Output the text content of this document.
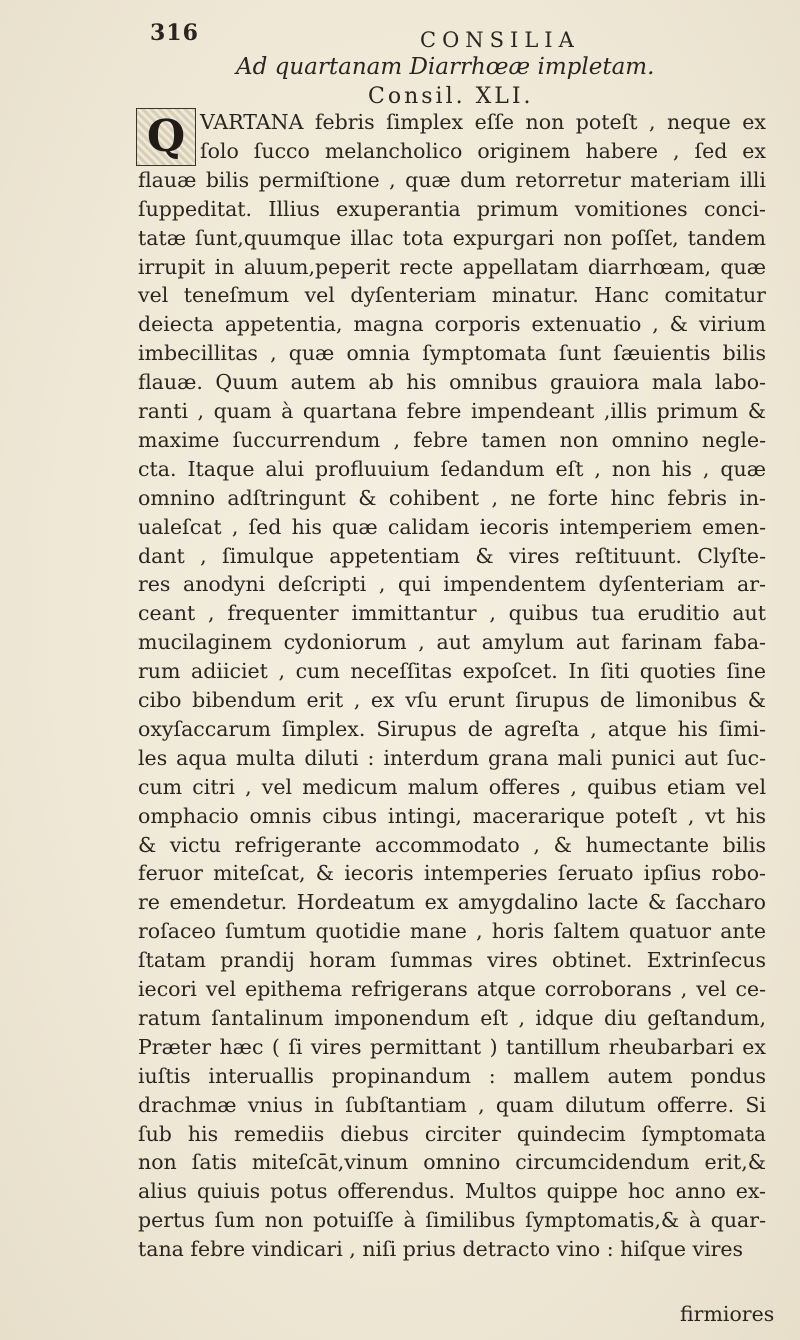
316	CONSILIA
Ad quartanam Diarrhœæ impletam.
Consil. XLI.
Q VARTANA febris ſimplex eſſe non poteſt , neque ex
ſolo ſucco melancholico originem habere , ſed ex
flauæ bilis permiſtione , quæ dum retorretur materiam illi
ſuppeditat. Illius exuperantia primum vomitiones conci-
tatæ ſunt,quumque illac tota expurgari non poſſet, tandem
irrupit in aluum,peperit recte appellatam diarrhœam, quæ
vel teneſmum vel dyſenteriam minatur. Hanc comitatur
deiecta appetentia, magna corporis extenuatio , & virium
imbecillitas , quæ omnia ſymptomata ſunt ſæuientis bilis
flauæ. Quum autem ab his omnibus grauiora mala labo-
ranti , quam à quartana febre impendeant ,illis primum &
maxime ſuccurrendum , febre tamen non omnino negle-
cta. Itaque alui profluuium ſedandum eſt , non his , quæ
omnino adſtringunt & cohibent , ne forte hinc febris in-
ualeſcat , ſed his quæ calidam iecoris intemperiem emen-
dant , ſimulque appetentiam & vires reſtituunt. Clyſte-
res anodyni deſcripti , qui impendentem dyſenteriam ar-
ceant , frequenter immittantur , quibus tua eruditio aut
mucilaginem cydoniorum , aut amylum aut farinam faba-
rum adiiciet , cum neceſſitas expoſcet. In ſiti quoties ſine
cibo bibendum erit , ex vſu erunt ſirupus de limonibus &
oxyſaccarum ſimplex. Sirupus de agreſta , atque his ſimi-
les aqua multa diluti : interdum grana mali punici aut ſuc-
cum citri , vel medicum malum offeres , quibus etiam vel
omphacio omnis cibus intingi, macerarique poteſt , vt his
& victu refrigerante accommodato , & humectante bilis
feruor miteſcat, & iecoris intemperies ſeruato ipſius robo-
re emendetur. Hordeatum ex amygdalino lacte & ſaccharo
roſaceo ſumtum quotidie mane , horis ſaltem quatuor ante
ſtatam prandij horam ſummas vires obtinet. Extrinſecus
iecori vel epithema refrigerans atque corroborans , vel ce-
ratum ſantalinum imponendum eſt , idque diu geſtandum,
Præter hæc ( ſi vires permittant ) tantillum rheubarbari ex
iuſtis interuallis propinandum : mallem autem pondus
drachmæ vnius in ſubſtantiam , quam dilutum offerre. Si
ſub his remediis diebus circiter quindecim ſymptomata
non ſatis miteſcāt,vinum omnino circumcidendum erit,&
alius quiuis potus offerendus. Multos quippe hoc anno ex-
pertus ſum non potuiſſe à ſimilibus ſymptomatis,& à quar-
tana febre vindicari , niſi prius detracto vino : hiſque vires
firmiores
